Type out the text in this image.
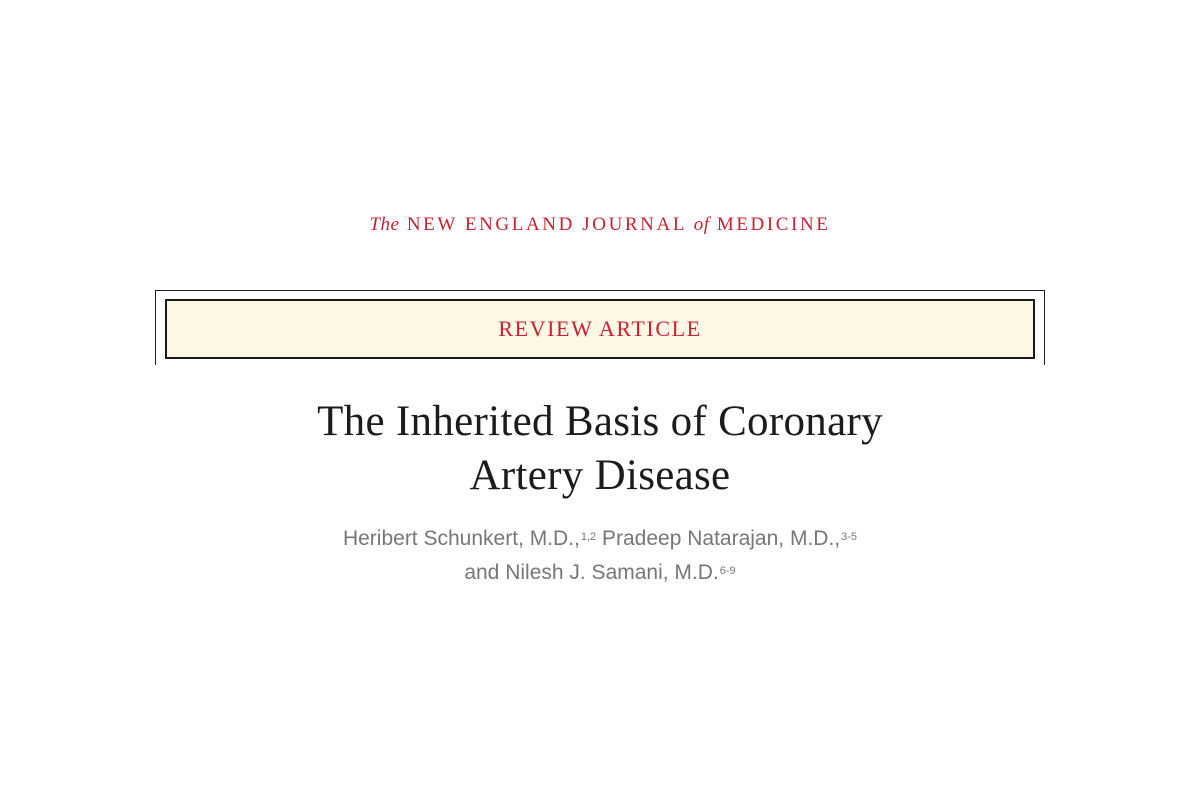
The NEW ENGLAND JOURNAL of MEDICINE
REVIEW ARTICLE
The Inherited Basis of Coronary
Artery Disease
Heribert Schunkert, M.D.,$^{1,2}$ Pradeep Natarajan, M.D.,$^{3-5}$
and Nilesh J. Samani, M.D.$^{6-9}$
